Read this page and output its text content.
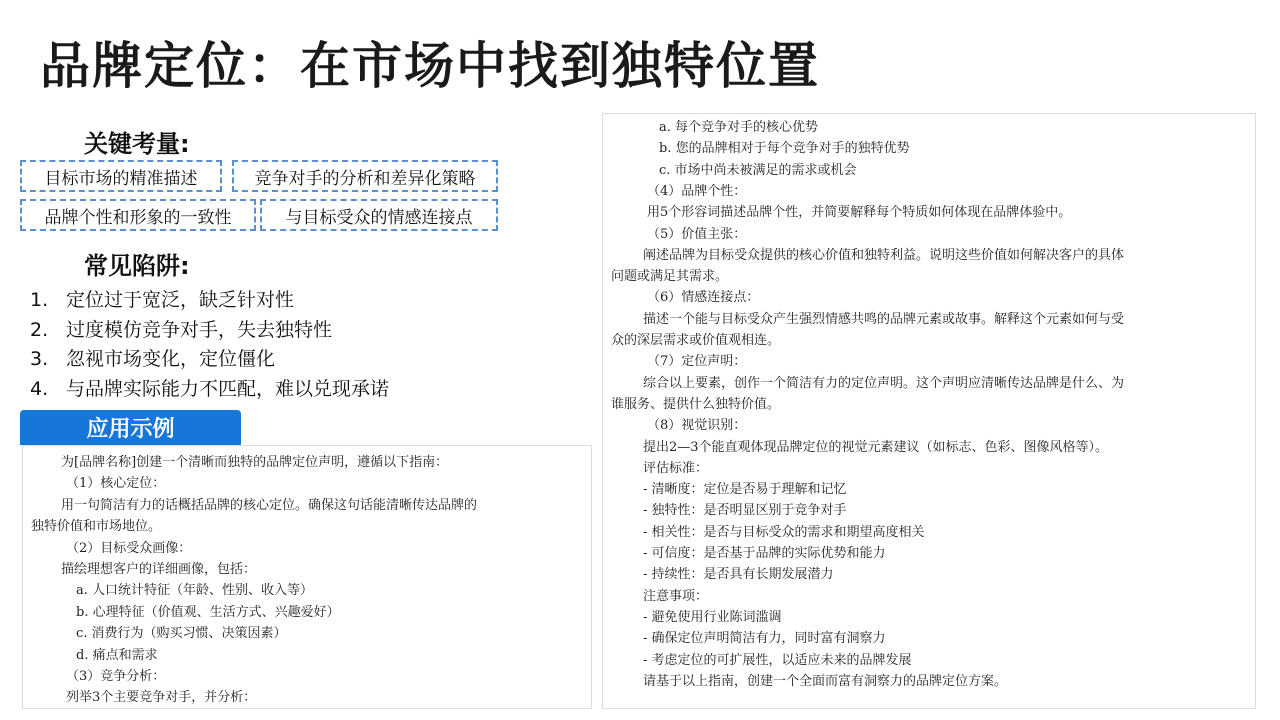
品牌定位：在市场中找到独特位置
关键考量:
目标市场的精准描述	竞争对手的分析和差异化策略
品牌个性和形象的一致性	与目标受众的情感连接点
常见陷阱:
1. 定位过于宽泛，缺乏针对性
2. 过度模仿竞争对手，失去独特性
3. 忽视市场变化，定位僵化
4. 与品牌实际能力不匹配，难以兑现承诺
应用示例
为[品牌名称]创建一个清晰而独特的品牌定位声明，遵循以下指南：
（1）核心定位：
用一句简洁有力的话概括品牌的核心定位。确保这句话能清晰传达品牌的
独特价值和市场地位。
（2）目标受众画像：
描绘理想客户的详细画像，包括：
a. 人口统计特征（年龄、性别、收入等）
b. 心理特征（价值观、生活方式、兴趣爱好）
c. 消费行为（购买习惯、决策因素）
d. 痛点和需求
（3）竞争分析：
列举3个主要竞争对手，并分析：
a. 每个竞争对手的核心优势
b. 您的品牌相对于每个竞争对手的独特优势
c. 市场中尚未被满足的需求或机会
（4）品牌个性：
用5个形容词描述品牌个性，并简要解释每个特质如何体现在品牌体验中。
（5）价值主张：
阐述品牌为目标受众提供的核心价值和独特利益。说明这些价值如何解决客户的具体
问题或满足其需求。
（6）情感连接点：
描述一个能与目标受众产生强烈情感共鸣的品牌元素或故事。解释这个元素如何与受
众的深层需求或价值观相连。
（7）定位声明：
综合以上要素，创作一个简洁有力的定位声明。这个声明应清晰传达品牌是什么、为
谁服务、提供什么独特价值。
（8）视觉识别：
提出2—3个能直观体现品牌定位的视觉元素建议（如标志、色彩、图像风格等）。
评估标准：
- 清晰度：定位是否易于理解和记忆
- 独特性：是否明显区别于竞争对手
- 相关性：是否与目标受众的需求和期望高度相关
- 可信度：是否基于品牌的实际优势和能力
- 持续性：是否具有长期发展潜力
注意事项：
- 避免使用行业陈词滥调
- 确保定位声明简洁有力，同时富有洞察力
- 考虑定位的可扩展性，以适应未来的品牌发展
请基于以上指南，创建一个全面而富有洞察力的品牌定位方案。
